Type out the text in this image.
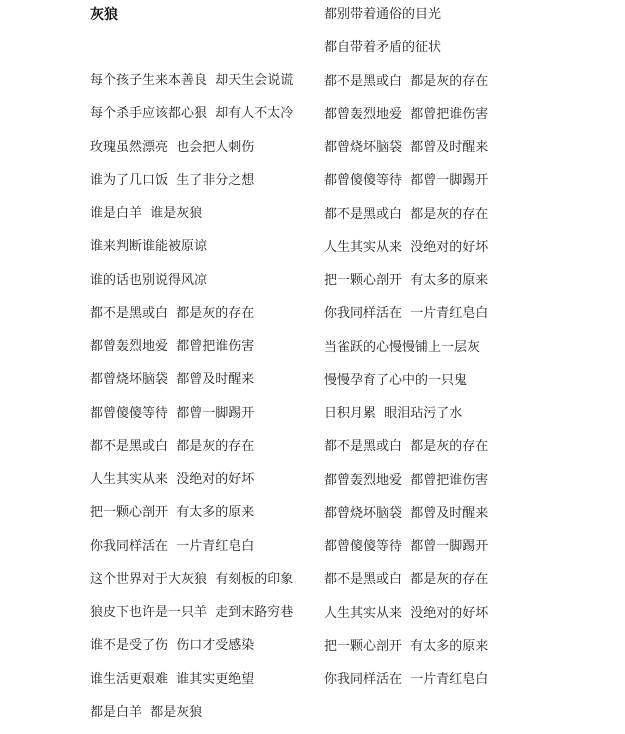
灰狼
每个孩子生来本善良  却天生会说谎
每个杀手应该都心狠  却有人不太冷
玫瑰虽然漂亮  也会把人刺伤
谁为了几口饭  生了非分之想
谁是白羊  谁是灰狼
谁来判断谁能被原谅
谁的话也别说得风凉
都不是黑或白  都是灰的存在
都曾轰烈地爱  都曾把谁伤害
都曾烧坏脑袋  都曾及时醒来
都曾傻傻等待  都曾一脚踢开
都不是黑或白  都是灰的存在
人生其实从来  没绝对的好坏
把一颗心剖开  有太多的原来
你我同样活在  一片青红皂白
这个世界对于大灰狼  有刻板的印象
狼皮下也许是一只羊  走到末路穷巷
谁不是受了伤  伤口才受感染
谁生活更艰难  谁其实更绝望
都是白羊  都是灰狼
都别带着通俗的目光
都自带着矛盾的征状
都不是黑或白  都是灰的存在
都曾轰烈地爱  都曾把谁伤害
都曾烧坏脑袋  都曾及时醒来
都曾傻傻等待  都曾一脚踢开
都不是黑或白  都是灰的存在
人生其实从来  没绝对的好坏
把一颗心剖开  有太多的原来
你我同样活在  一片青红皂白
当雀跃的心慢慢铺上一层灰
慢慢孕育了心中的一只鬼
日积月累  眼泪玷污了水
都不是黑或白  都是灰的存在
都曾轰烈地爱  都曾把谁伤害
都曾烧坏脑袋  都曾及时醒来
都曾傻傻等待  都曾一脚踢开
都不是黑或白  都是灰的存在
人生其实从来  没绝对的好坏
把一颗心剖开  有太多的原来
你我同样活在  一片青红皂白
